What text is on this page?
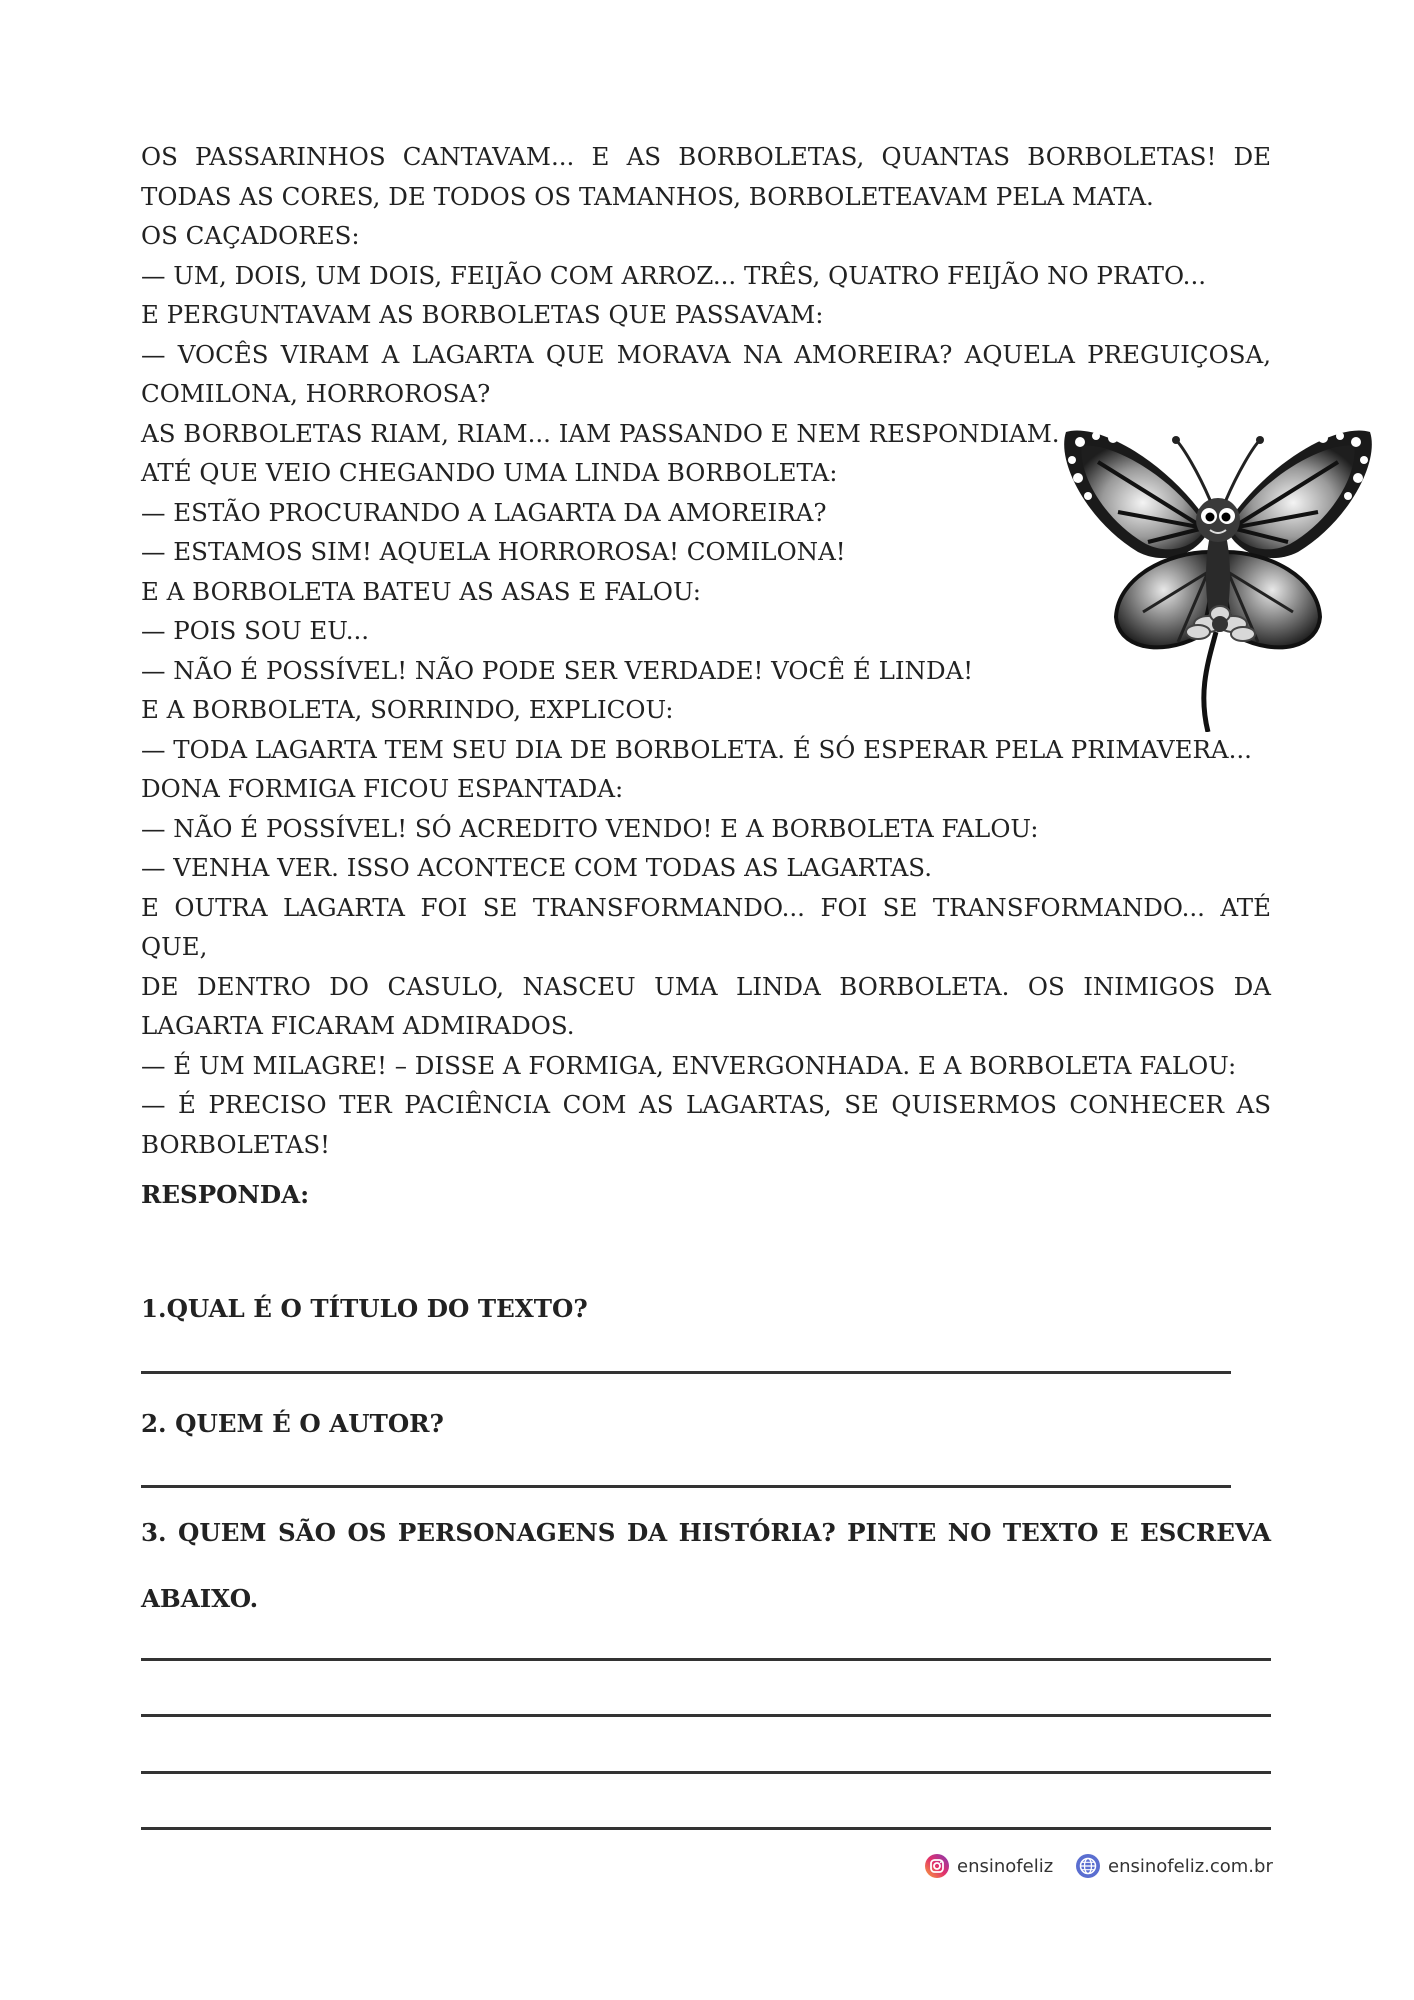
OS PASSARINHOS CANTAVAM... E AS BORBOLETAS, QUANTAS BORBOLETAS! DE
TODAS AS CORES, DE TODOS OS TAMANHOS, BORBOLETEAVAM PELA MATA.
OS CAÇADORES:
— UM, DOIS, UM DOIS, FEIJÃO COM ARROZ... TRÊS, QUATRO FEIJÃO NO PRATO...
E PERGUNTAVAM AS BORBOLETAS QUE PASSAVAM:
— VOCÊS VIRAM A LAGARTA QUE MORAVA NA AMOREIRA? AQUELA PREGUIÇOSA,
COMILONA, HORROROSA?
AS BORBOLETAS RIAM, RIAM... IAM PASSANDO E NEM RESPONDIAM.
ATÉ QUE VEIO CHEGANDO UMA LINDA BORBOLETA:
— ESTÃO PROCURANDO A LAGARTA DA AMOREIRA?
— ESTAMOS SIM! AQUELA HORROROSA! COMILONA!
E A BORBOLETA BATEU AS ASAS E FALOU:
— POIS SOU EU...
— NÃO É POSSÍVEL! NÃO PODE SER VERDADE! VOCÊ É LINDA!
E A BORBOLETA, SORRINDO, EXPLICOU:
— TODA LAGARTA TEM SEU DIA DE BORBOLETA. É SÓ ESPERAR PELA PRIMAVERA...
DONA FORMIGA FICOU ESPANTADA:
— NÃO É POSSÍVEL! SÓ ACREDITO VENDO! E A BORBOLETA FALOU:
— VENHA VER. ISSO ACONTECE COM TODAS AS LAGARTAS.
E OUTRA LAGARTA FOI SE TRANSFORMANDO... FOI SE TRANSFORMANDO... ATÉ QUE,
DE DENTRO DO CASULO, NASCEU UMA LINDA BORBOLETA. OS INIMIGOS DA
LAGARTA FICARAM ADMIRADOS.
— É UM MILAGRE! – DISSE A FORMIGA, ENVERGONHADA. E A BORBOLETA FALOU:
— É PRECISO TER PACIÊNCIA COM AS LAGARTAS, SE QUISERMOS CONHECER AS
BORBOLETAS!
RESPONDA:
1.QUAL É O TÍTULO DO TEXTO?
2. QUEM É O AUTOR?
3. QUEM SÃO OS PERSONAGENS DA HISTÓRIA? PINTE NO TEXTO E ESCREVA
ABAIXO.
ensinofeliz	ensinofeliz.com.br
